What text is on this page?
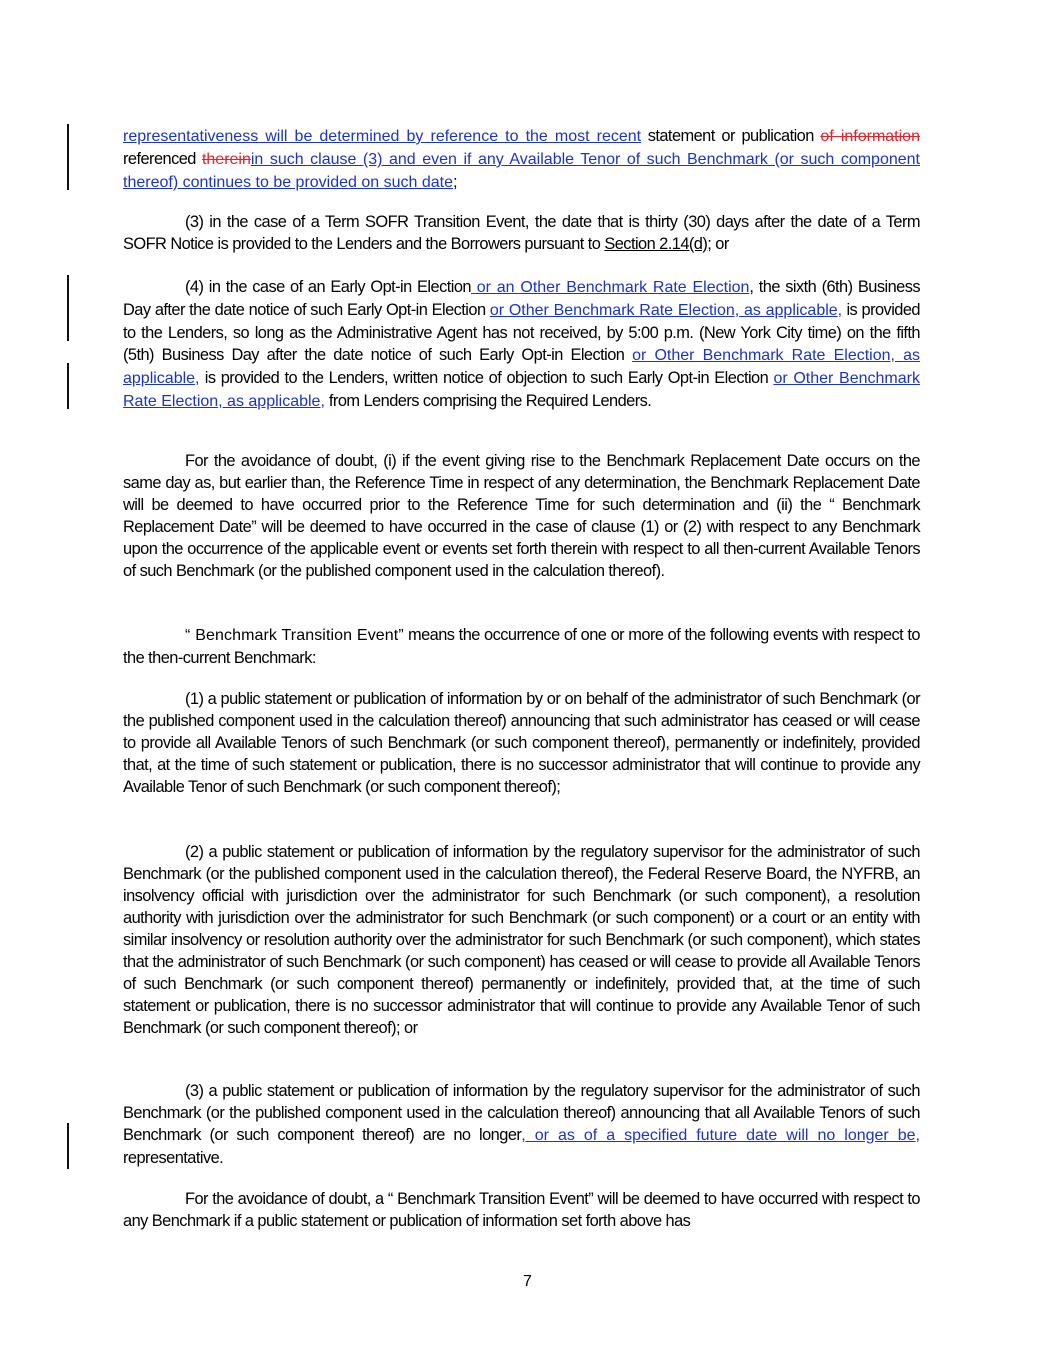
representativeness will be determined by reference to the most recent statement or publication of information referenced thereinin such clause (3) and even if any Available Tenor of such Benchmark (or such component thereof) continues to be provided on such date;

(3) in the case of a Term SOFR Transition Event, the date that is thirty (30) days after the date of a Term SOFR Notice is provided to the Lenders and the Borrowers pursuant to Section 2.14(d); or

(4) in the case of an Early Opt-in Election or an Other Benchmark Rate Election, the sixth (6th) Business Day after the date notice of such Early Opt-in Election or Other Benchmark Rate Election, as applicable, is provided to the Lenders, so long as the Administrative Agent has not received, by 5:00 p.m. (New York City time) on the fifth (5th) Business Day after the date notice of such Early Opt-in Election or Other Benchmark Rate Election, as applicable, is provided to the Lenders, written notice of objection to such Early Opt-in Election or Other Benchmark Rate Election, as applicable, from Lenders comprising the Required Lenders.

For the avoidance of doubt, (i) if the event giving rise to the Benchmark Replacement Date occurs on the same day as, but earlier than, the Reference Time in respect of any determination, the Benchmark Replacement Date will be deemed to have occurred prior to the Reference Time for such determination and (ii) the “ Benchmark Replacement Date” will be deemed to have occurred in the case of clause (1) or (2) with respect to any Benchmark upon the occurrence of the applicable event or events set forth therein with respect to all then-current Available Tenors of such Benchmark (or the published component used in the calculation thereof).

“ Benchmark Transition Event” means the occurrence of one or more of the following events with respect to the then-current Benchmark:

(1) a public statement or publication of information by or on behalf of the administrator of such Benchmark (or the published component used in the calculation thereof) announcing that such administrator has ceased or will cease to provide all Available Tenors of such Benchmark (or such component thereof), permanently or indefinitely, provided that, at the time of such statement or publication, there is no successor administrator that will continue to provide any Available Tenor of such Benchmark (or such component thereof);

(2) a public statement or publication of information by the regulatory supervisor for the administrator of such Benchmark (or the published component used in the calculation thereof), the Federal Reserve Board, the NYFRB, an insolvency official with jurisdiction over the administrator for such Benchmark (or such component), a resolution authority with jurisdiction over the administrator for such Benchmark (or such component) or a court or an entity with similar insolvency or resolution authority over the administrator for such Benchmark (or such component), which states that the administrator of such Benchmark (or such component) has ceased or will cease to provide all Available Tenors of such Benchmark (or such component thereof) permanently or indefinitely, provided that, at the time of such statement or publication, there is no successor administrator that will continue to provide any Available Tenor of such Benchmark (or such component thereof); or

(3) a public statement or publication of information by the regulatory supervisor for the administrator of such Benchmark (or the published component used in the calculation thereof) announcing that all Available Tenors of such Benchmark (or such component thereof) are no longer, or as of a specified future date will no longer be, representative.

For the avoidance of doubt, a “ Benchmark Transition Event” will be deemed to have occurred with respect to any Benchmark if a public statement or publication of information set forth above has

7
